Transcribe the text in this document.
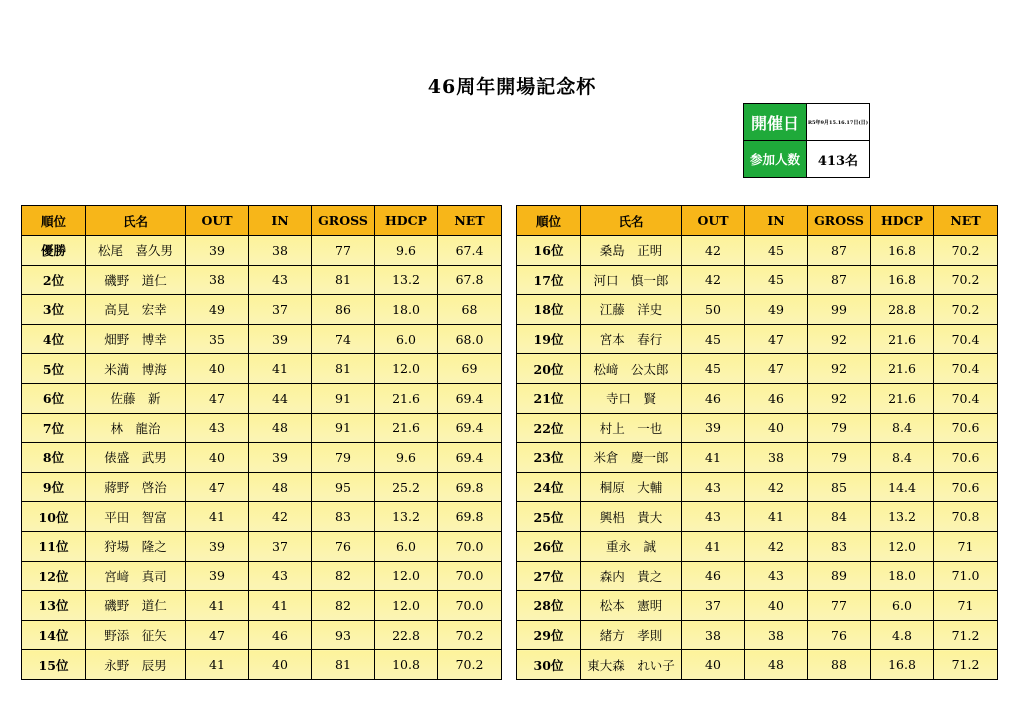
46周年開場記念杯
開催日	R5年9月15.16.17日(日)
参加人数	413名
順位	氏名	OUT	IN	GROSS	HDCP	NET
優勝	松尾　喜久男	39	38	77	9.6	67.4
2位	磯野　道仁	38	43	81	13.2	67.8
3位	高見　宏幸	49	37	86	18.0	68
4位	畑野　博幸	35	39	74	6.0	68.0
5位	米満　博海	40	41	81	12.0	69
6位	佐藤　新	47	44	91	21.6	69.4
7位	林　龍治	43	48	91	21.6	69.4
8位	俵盛　武男	40	39	79	9.6	69.4
9位	蔣野　啓治	47	48	95	25.2	69.8
10位	平田　智富	41	42	83	13.2	69.8
11位	狩場　隆之	39	37	76	6.0	70.0
12位	宮﨑　真司	39	43	82	12.0	70.0
13位	磯野　道仁	41	41	82	12.0	70.0
14位	野添　征矢	47	46	93	22.8	70.2
15位	永野　辰男	41	40	81	10.8	70.2
順位	氏名	OUT	IN	GROSS	HDCP	NET
16位	桑島　正明	42	45	87	16.8	70.2
17位	河口　慎一郎	42	45	87	16.8	70.2
18位	江藤　洋史	50	49	99	28.8	70.2
19位	宮本　春行	45	47	92	21.6	70.4
20位	松﨑　公太郎	45	47	92	21.6	70.4
21位	寺口　賢	46	46	92	21.6	70.4
22位	村上　一也	39	40	79	8.4	70.6
23位	米倉　慶一郎	41	38	79	8.4	70.6
24位	桐原　大輔	43	42	85	14.4	70.6
25位	興梠　貴大	43	41	84	13.2	70.8
26位	重永　誠	41	42	83	12.0	71
27位	森内　貴之	46	43	89	18.0	71.0
28位	松本　憲明	37	40	77	6.0	71
29位	緒方　孝則	38	38	76	4.8	71.2
30位	東大森　れい子	40	48	88	16.8	71.2
